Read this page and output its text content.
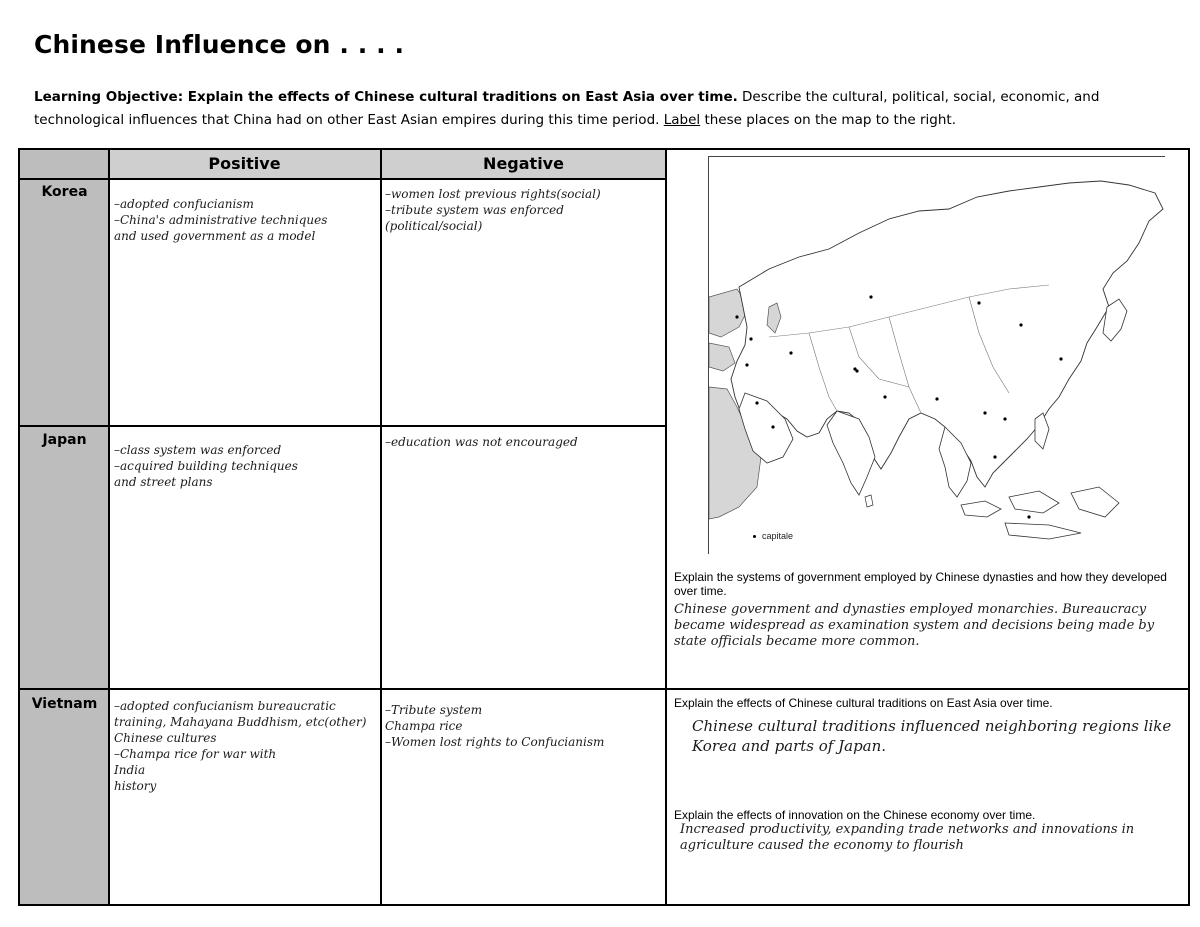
Chinese Influence on . . . .
Learning Objective: Explain the effects of Chinese cultural traditions on East Asia over time. Describe the cultural, political, social, economic, and technological influences that China had on other East Asian empires during this time period. Label these places on the map to the right.
Positive	Negative
Korea
–adopted confucianism
–China's administrative techniques
and used government as a model
–women lost previous rights(social)
–tribute system was enforced
(political/social)
Japan
–class system was enforced
–acquired building techniques
and street plans
–education was not encouraged
Vietnam	–adopted confucianism bureaucratic
training, Mahayana Buddhism, etc(other)
Chinese cultures
–Champa rice for war with
India
history
–Tribute system
Champa rice
–Women lost rights to Confucianism
capitale
Explain the systems of government employed by Chinese dynasties and how they developed over time.
Chinese government and dynasties employed monarchies. Bureaucracy became widespread as examination system and decisions being made by state officials became more common.
Explain the effects of Chinese cultural traditions on East Asia over time.
Chinese cultural traditions influenced neighboring regions like Korea and parts of Japan.
Explain the effects of innovation on the Chinese economy over time.
Increased productivity, expanding trade networks and innovations in agriculture caused the economy to flourish
